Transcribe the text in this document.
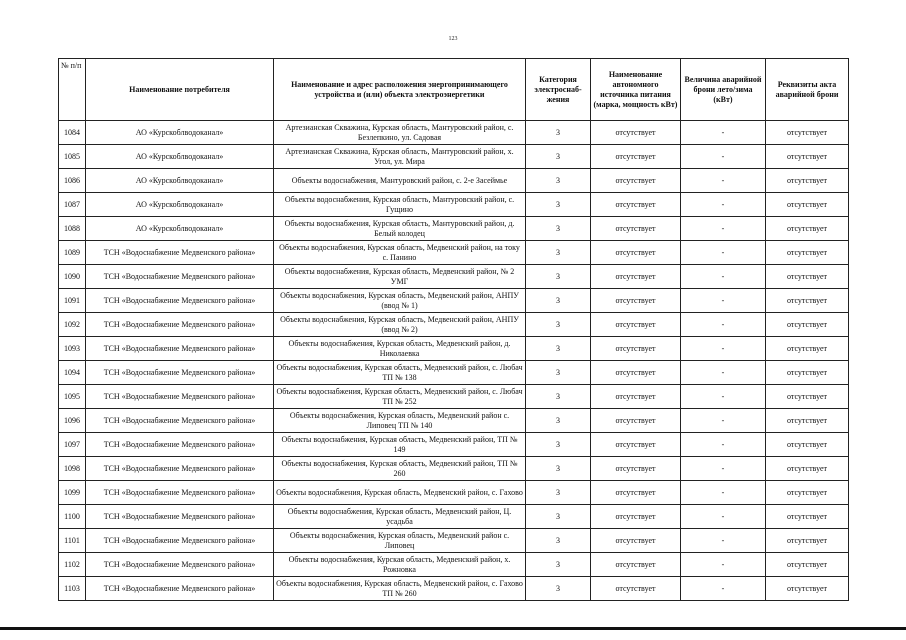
123
№ п/п	Наименование потребителя	Наименование и адрес расположения энергопринимающего устройства и (или) объекта электроэнергетики	Категория электроснаб-жения	Наименование автономного источника питания (марка, мощность кВт)	Величина аварийной брони лето/зима (кВт)	Реквизиты акта аварийной брони
1084	АО «Курскоблводоканал»	Артезианская Скважина, Курская область, Мантуровский район, с. Безлепкино, ул. Садовая	3	отсутствует	-	отсутствует
1085	АО «Курскоблводоканал»	Артезианская Скважина, Курская область, Мантуровский район, х. Угол, ул. Мира	3	отсутствует	-	отсутствует
1086	АО «Курскоблводоканал»	Объекты водоснабжения, Мантуровский район, с. 2-е Засеймье	3	отсутствует	-	отсутствует
1087	АО «Курскоблводоканал»	Объекты водоснабжения, Курская область, Мантуровский район, с. Гущино	3	отсутствует	-	отсутствует
1088	АО «Курскоблводоканал»	Объекты водоснабжения, Курская область, Мантуровский район, д. Белый колодец	3	отсутствует	-	отсутствует
1089	ТСН «Водоснабжение Медвенского района»	Объекты водоснабжения, Курская область, Медвенский район, на току с. Панино	3	отсутствует	-	отсутствует
1090	ТСН «Водоснабжение Медвенского района»	Объекты водоснабжения, Курская область, Медвенский район, № 2 УМГ	3	отсутствует	-	отсутствует
1091	ТСН «Водоснабжение Медвенского района»	Объекты водоснабжения, Курская область, Медвенский район, АНПУ (ввод № 1)	3	отсутствует	-	отсутствует
1092	ТСН «Водоснабжение Медвенского района»	Объекты водоснабжения, Курская область, Медвенский район, АНПУ (ввод № 2)	3	отсутствует	-	отсутствует
1093	ТСН «Водоснабжение Медвенского района»	Объекты водоснабжения, Курская область, Медвенский район, д. Николаевка	3	отсутствует	-	отсутствует
1094	ТСН «Водоснабжение Медвенского района»	Объекты водоснабжения, Курская область, Медвенский район, с. Любач ТП № 138	3	отсутствует	-	отсутствует
1095	ТСН «Водоснабжение Медвенского района»	Объекты водоснабжения, Курская область, Медвенский район, с. Любач ТП № 252	3	отсутствует	-	отсутствует
1096	ТСН «Водоснабжение Медвенского района»	Объекты водоснабжения, Курская область, Медвенский район с. Липовец ТП № 140	3	отсутствует	-	отсутствует
1097	ТСН «Водоснабжение Медвенского района»	Объекты водоснабжения, Курская область, Медвенский район, ТП № 149	3	отсутствует	-	отсутствует
1098	ТСН «Водоснабжение Медвенского района»	Объекты водоснабжения, Курская область, Медвенский район, ТП № 260	3	отсутствует	-	отсутствует
1099	ТСН «Водоснабжение Медвенского района»	Объекты водоснабжения, Курская область, Медвенский район, с. Гахово	3	отсутствует	-	отсутствует
1100	ТСН «Водоснабжение Медвенского района»	Объекты водоснабжения, Курская область, Медвенский район, Ц. усадьба	3	отсутствует	-	отсутствует
1101	ТСН «Водоснабжение Медвенского района»	Объекты водоснабжения, Курская область, Медвенский район с. Липовец	3	отсутствует	-	отсутствует
1102	ТСН «Водоснабжение Медвенского района»	Объекты водоснабжения, Курская область, Медвенский район, х. Рожновка	3	отсутствует	-	отсутствует
1103	ТСН «Водоснабжение Медвенского района»	Объекты водоснабжения, Курская область, Медвенский район, с. Гахово ТП № 260	3	отсутствует	-	отсутствует
